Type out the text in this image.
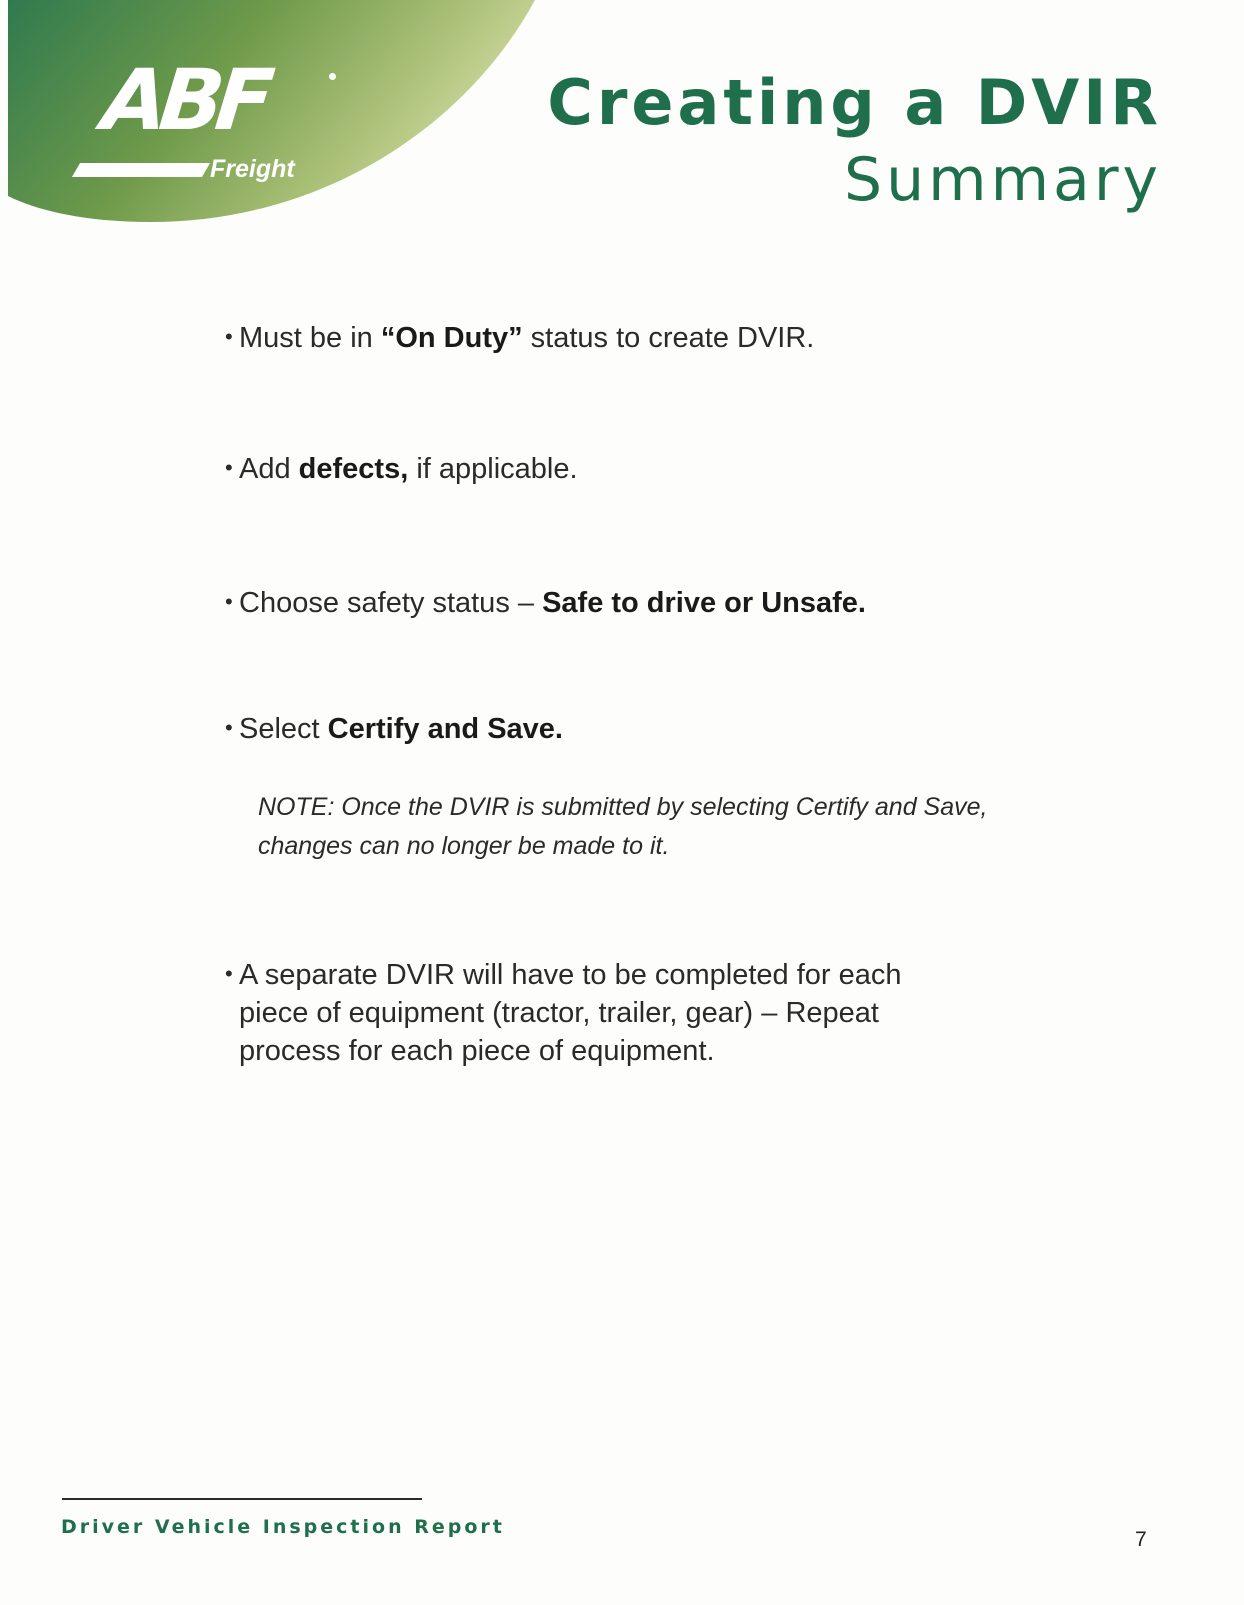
ABF
Freight
Creating a DVIR
Summary

• Must be in “On Duty” status to create DVIR.

• Add defects, if applicable.

• Choose safety status – Safe to drive or Unsafe.

• Select Certify and Save.

NOTE: Once the DVIR is submitted by selecting Certify and Save, changes can no longer be made to it.

• A separate DVIR will have to be completed for each
piece of equipment (tractor, trailer, gear) – Repeat
process for each piece of equipment.

Driver Vehicle Inspection Report

7
